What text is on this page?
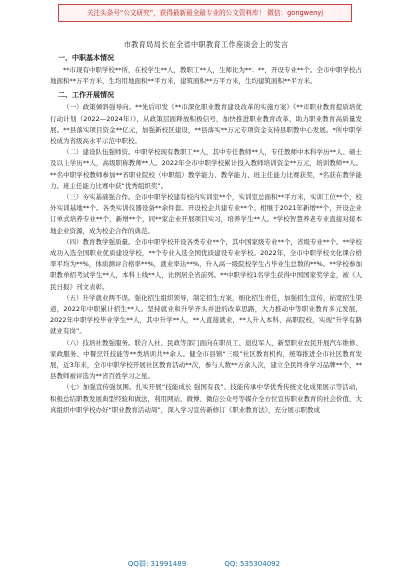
关注头条号“公文研究”，获得最新最全最专业的公文资料库！ 微信：gongwenyj
市教育局局长在全省中职教育工作座谈会上的发言
一、中职基本情况

**市现有中职学校**所，在校学生**人，教职工**人，生师比为**：**，开设专业**个。全市中职学校占地面积**万平方米，生均用地面积**平方米，建筑面积**万平方米，生均建筑面积**平方米。

二、工作开展情况

（一）政策倾斜强导向。**先后印发《**市深化职业教育建设改革的实施方案》《**市职业教育提质培优行动计划（2022—2024年）》，从政策层面释放积极信号，加快推进职业教育改革，助力职业教育高质量发展。**县落实项目资金**亿元，加强新校区建设，**县落实**万元专项资金支持县职教中心发展。*所中职学校成为省级高水平示范中职校。

（二）建设队伍强师资。中职学校现有教职工**人，其中专任教师**人，专任教师中本科学历**人、硕士及以上学历**人，高级职称教师**人。2022年全市中职学校累计投入教师培训资金**万元，培训教师**人。**名中职学校教师参加**省职业院校（中职组）教学能力、教学能力、班主任能力比赛获奖，*名获在教学能力、班主任能力比赛中获“优秀组织奖”。

（三）夯实基础强合作。全市中职学校建有校内实训室**个，实训室总面积**平方米，实训工位**个，校外实训基地**个。各类实训仪器设备**余件套。开设校企共建专业**个。相继于2021年新增**个，开设企业订单式培养专业**个，新增**个，同**家企业开展项目实习，培养学生**人。*学校智慧养老专业直接对接本地企业资源，成为校企合作的典范。

（四）教育教学强质量。全市中职学校开设各类专业**个，其中国家级专业**个，省级专业**个。**学校成功入选全国职业优质建设学校，**个专业入选全国优质建设专业学校。2022年，全市中职学校文化课合格率平均为**%，体质测评合格率**%，就业率达**%，升入高一级院校学生占毕业生总数的**%。**学校参加职教单招考试学生**人，本科上线**人，比例居全省前列。**中职学校1名学生获得中国国家奖学金，被《人民日报》刊文表彰。

（五）升学就业两不误。强化招生组织领导，制定招生方案，细化招生责任，加强招生宣传，拓宽招生渠道，2022年中职累计招生**人。坚持就业和升学齐头并进的改革思路，大力推动中等职业教育多元发展，2022年中职学校毕业学生**人，其中升学**人，**人直接就业，**人升入本科、高职院校，实现“升学有路 就业有岗”。

（六）技培社教强服务。联合人社、民政等部门面向在职员工、退役军人、新型职业农民开展汽车维修、家政服务、中餐烹饪技能等**类培训共**余人。健全市县镇“三级”社区教育机构，统筹推进全市社区教育发展，近3年来，全市中职学校开展社区教育活动**次，参与人数**万余人次，建立全民终身学习品牌**个，**县教师被评选为**省百姓学习之星。

（七）加强宣传强氛围。扎实开展“技能成长 强国有我”、技能传承中华优秀传统文化成果展示等活动，积极总结职教发展典型经验和做法，利用网站、微博、微信公众号等媒介全方位宣传职业教育的社会价值，大真组织中职学校办好“职业教育活动周”，深入学习宣传新修订《职业教育法》，充分展示职教成

QQ群: 31991489	QQ: 535304092
